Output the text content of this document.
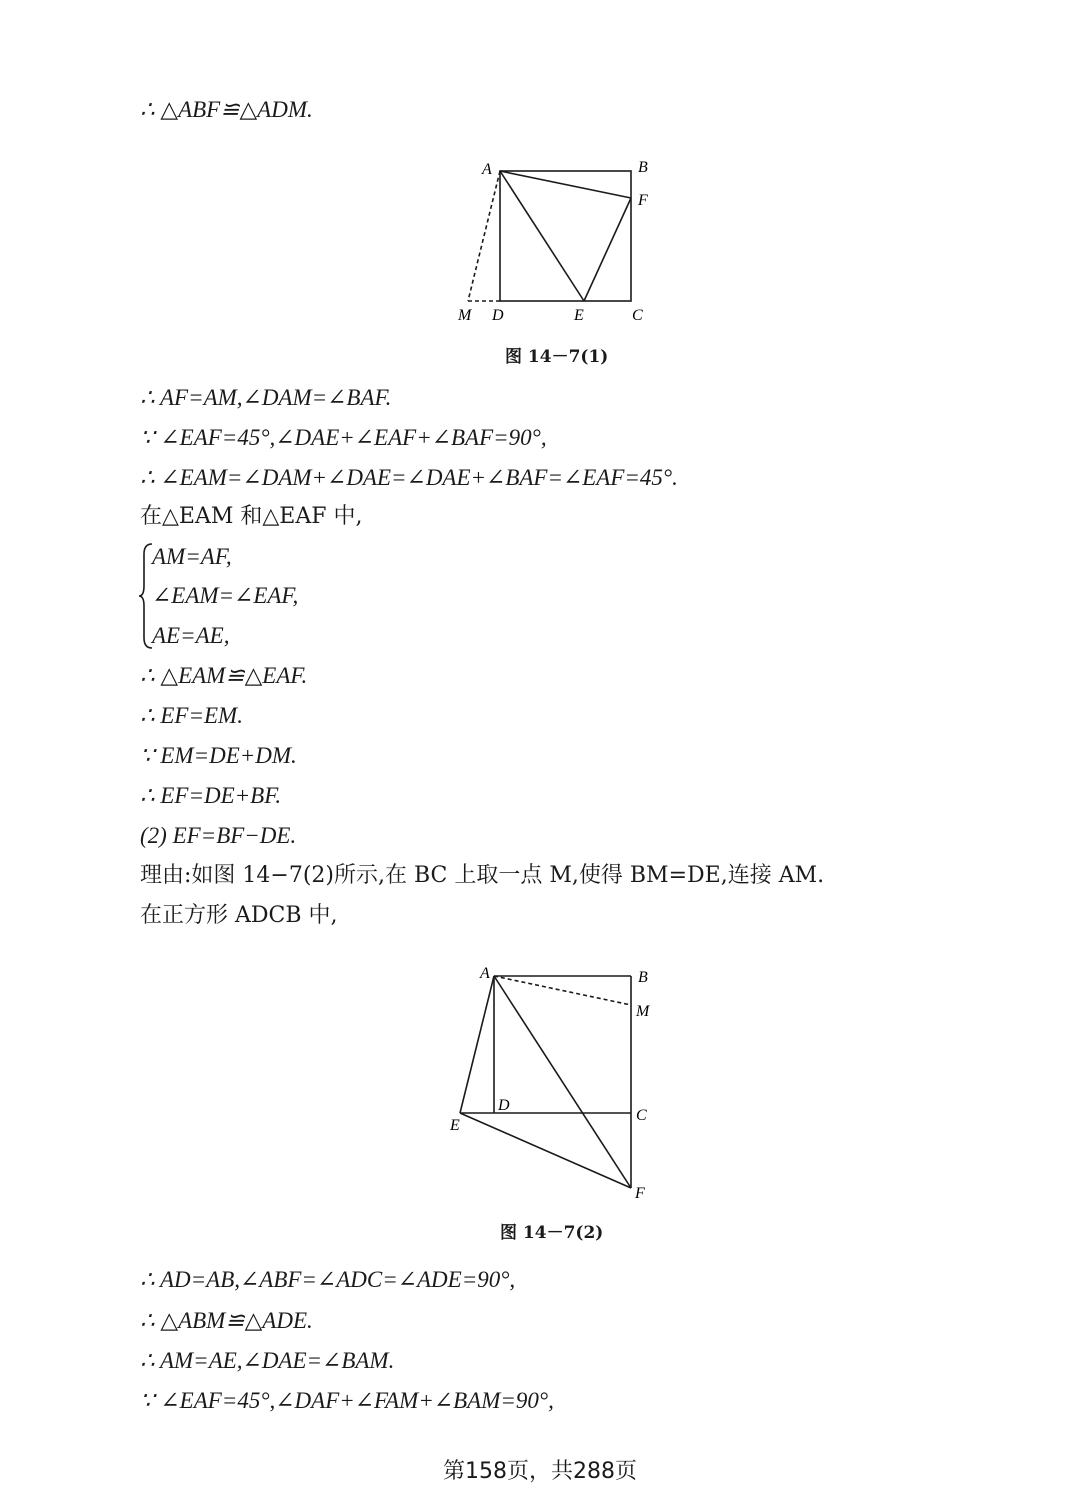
∴ △ABF≌△ADM.
A	B
F
M D	E	C
图 14－7(1)
∴ AF=AM,∠DAM=∠BAF.
∵ ∠EAF=45°,∠DAE+∠EAF+∠BAF=90°,
∴ ∠EAM=∠DAM+∠DAE=∠DAE+∠BAF=∠EAF=45°.
在△EAM 和△EAF 中,
AM=AF,
∠EAM=∠EAF,
AE=AE,
∴ △EAM≌△EAF.
∴ EF=EM.
∵ EM=DE+DM.
∴ EF=DE+BF.
(2) EF=BF−DE.
理由:如图 14−7(2)所示,在 BC 上取一点 M,使得 BM=DE,连接 AM.
在正方形 ADCB 中,
A	B
M
D
C
E
F
图 14－7(2)
∴ AD=AB,∠ABF=∠ADC=∠ADE=90°,
∴ △ABM≌△ADE.
∴ AM=AE,∠DAE=∠BAM.
∵ ∠EAF=45°,∠DAF+∠FAM+∠BAM=90°,
第158页，共288页
